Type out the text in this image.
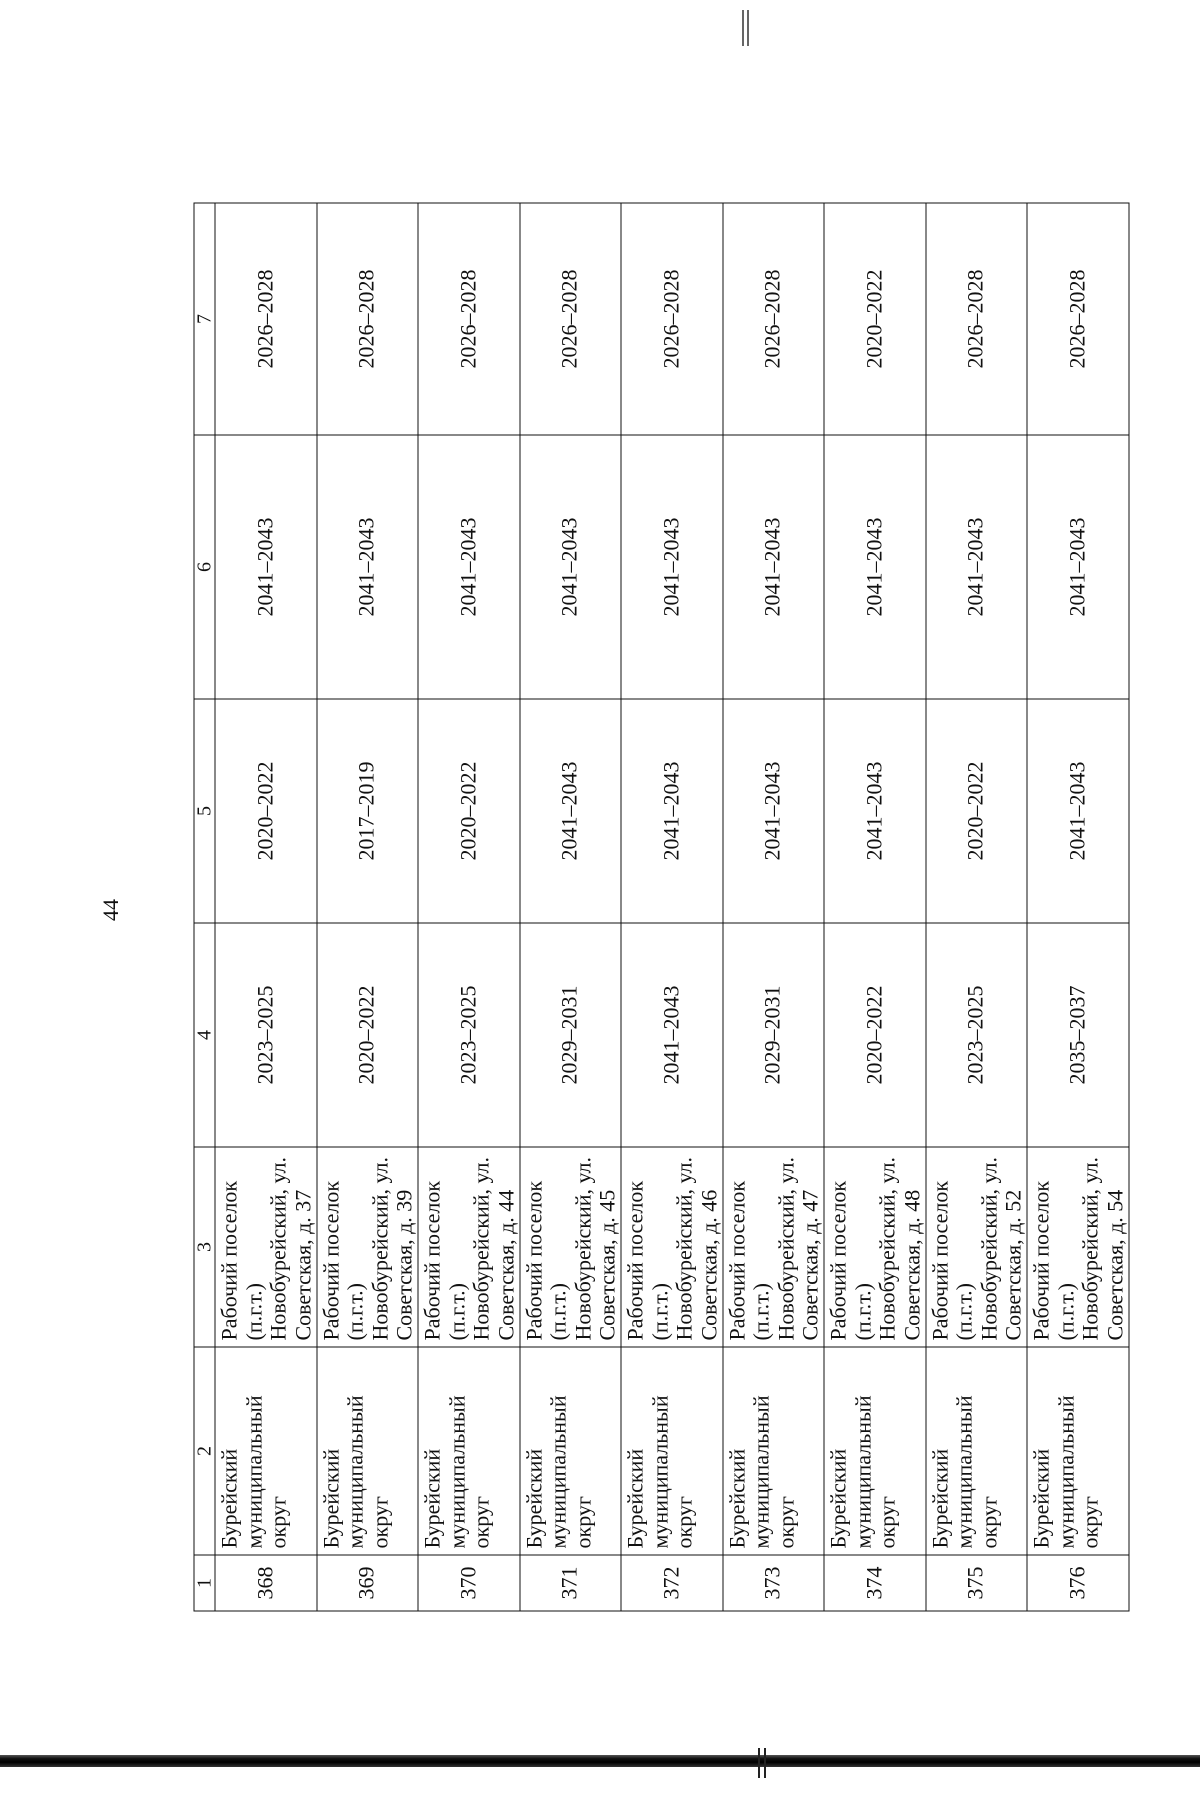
44
1	2	3	4	5	6	7
368	Бурейский муниципальный округ	Рабочий поселок (п.г.т.) Новобурейский, ул. Советская, д. 37	2023–2025	2020–2022	2041–2043	2026–2028
369	Бурейский муниципальный округ	Рабочий поселок (п.г.т.) Новобурейский, ул. Советская, д. 39	2020–2022	2017–2019	2041–2043	2026–2028
370	Бурейский муниципальный округ	Рабочий поселок (п.г.т.) Новобурейский, ул. Советская, д. 44	2023–2025	2020–2022	2041–2043	2026–2028
371	Бурейский муниципальный округ	Рабочий поселок (п.г.т.) Новобурейский, ул. Советская, д. 45	2029–2031	2041–2043	2041–2043	2026–2028
372	Бурейский муниципальный округ	Рабочий поселок (п.г.т.) Новобурейский, ул. Советская, д. 46	2041–2043	2041–2043	2041–2043	2026–2028
373	Бурейский муниципальный округ	Рабочий поселок (п.г.т.) Новобурейский, ул. Советская, д. 47	2029–2031	2041–2043	2041–2043	2026–2028
374	Бурейский муниципальный округ	Рабочий поселок (п.г.т.) Новобурейский, ул. Советская, д. 48	2020–2022	2041–2043	2041–2043	2020–2022
375	Бурейский муниципальный округ	Рабочий поселок (п.г.т.) Новобурейский, ул. Советская, д. 52	2023–2025	2020–2022	2041–2043	2026–2028
376	Бурейский муниципальный округ	Рабочий поселок (п.г.т.) Новобурейский, ул. Советская, д. 54	2035–2037	2041–2043	2041–2043	2026–2028
